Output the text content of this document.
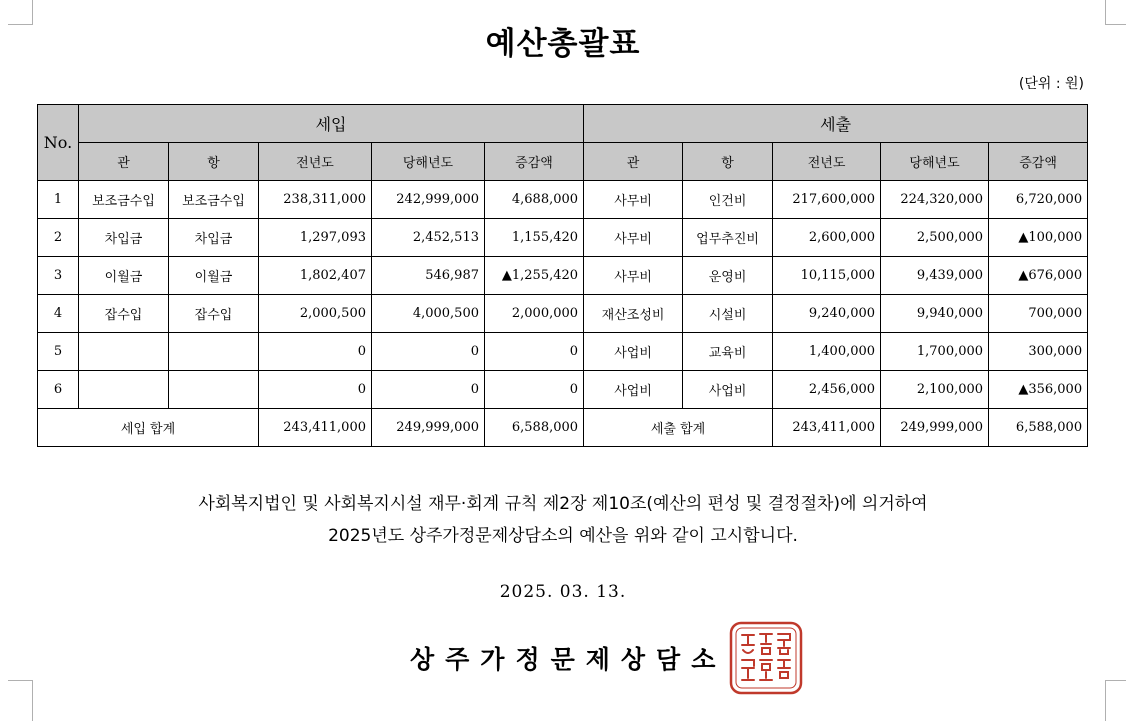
예산총괄표
(단위 : 원)
No.	세입					세출				
	관	항	전년도	당해년도	증감액	관	항	전년도	당해년도	증감액
1	보조금수입	보조금수입	238,311,000	242,999,000	4,688,000	사무비	인건비	217,600,000	224,320,000	6,720,000
2	차입금	차입금	1,297,093	2,452,513	1,155,420	사무비	업무추진비	2,600,000	2,500,000	▲100,000
3	이월금	이월금	1,802,407	546,987	▲1,255,420	사무비	운영비	10,115,000	9,439,000	▲676,000
4	잡수입	잡수입	2,000,500	4,000,500	2,000,000	재산조성비	시설비	9,240,000	9,940,000	700,000
5			0	0	0	사업비	교육비	1,400,000	1,700,000	300,000
6			0	0	0	사업비	사업비	2,456,000	2,100,000	▲356,000
세입 합계			243,411,000	249,999,000	6,588,000	세출 합계		243,411,000	249,999,000	6,588,000
사회복지법인 및 사회복지시설 재무·회계 규칙 제2장 제10조(예산의 편성 및 결정절차)에 의거하여
2025년도 상주가정문제상담소의 예산을 위와 같이 고시합니다.
2025. 03. 13.
상주가정문제상담소
